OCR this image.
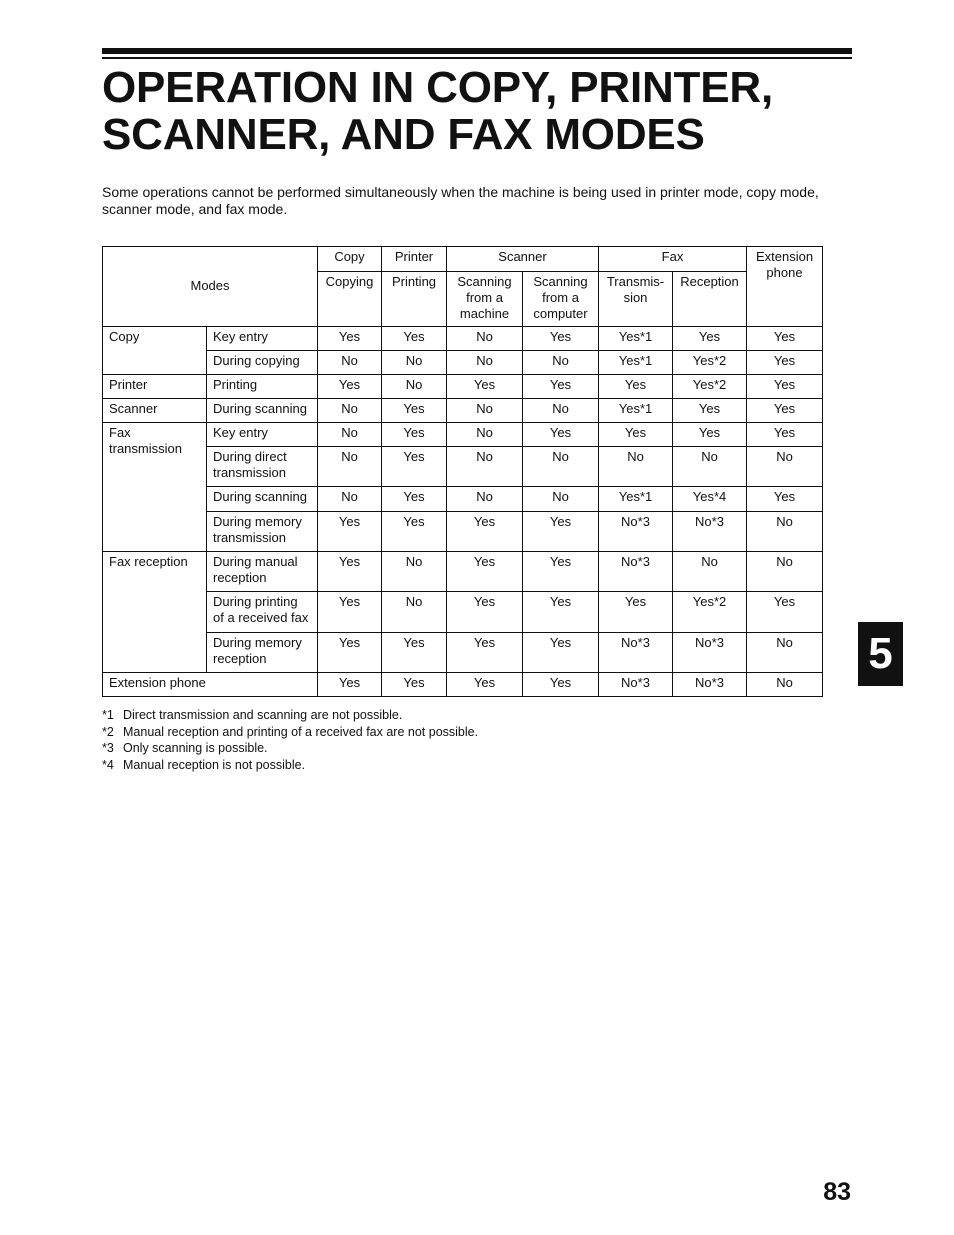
OPERATION IN COPY, PRINTER,
SCANNER, AND FAX MODES

Some operations cannot be performed simultaneously when the machine is being used in printer mode, copy mode, scanner mode, and fax mode.

Modes		Copy	Printer	Scanner		Fax		Extension phone
		Copying	Printing	Scanning from a machine	Scanning from a computer	Transmis- sion	Reception	
Copy	Key entry	Yes	Yes	No	Yes	Yes*1	Yes	Yes
	During copying	No	No	No	No	Yes*1	Yes*2	Yes
Printer	Printing	Yes	No	Yes	Yes	Yes	Yes*2	Yes
Scanner	During scanning	No	Yes	No	No	Yes*1	Yes	Yes
Fax transmission	Key entry	No	Yes	No	Yes	Yes	Yes	Yes
	During direct transmission	No	Yes	No	No	No	No	No
	During scanning	No	Yes	No	No	Yes*1	Yes*4	Yes
	During memory transmission	Yes	Yes	Yes	Yes	No*3	No*3	No
Fax reception	During manual reception	Yes	No	Yes	Yes	No*3	No	No
	During printing of a received fax	Yes	No	Yes	Yes	Yes	Yes*2	Yes
	During memory reception	Yes	Yes	Yes	Yes	No*3	No*3	No
Extension phone		Yes	Yes	Yes	Yes	No*3	No*3	No
*1 Direct transmission and scanning are not possible.
*2 Manual reception and printing of a received fax are not possible.
*3 Only scanning is possible.
*4 Manual reception is not possible.
5
83
